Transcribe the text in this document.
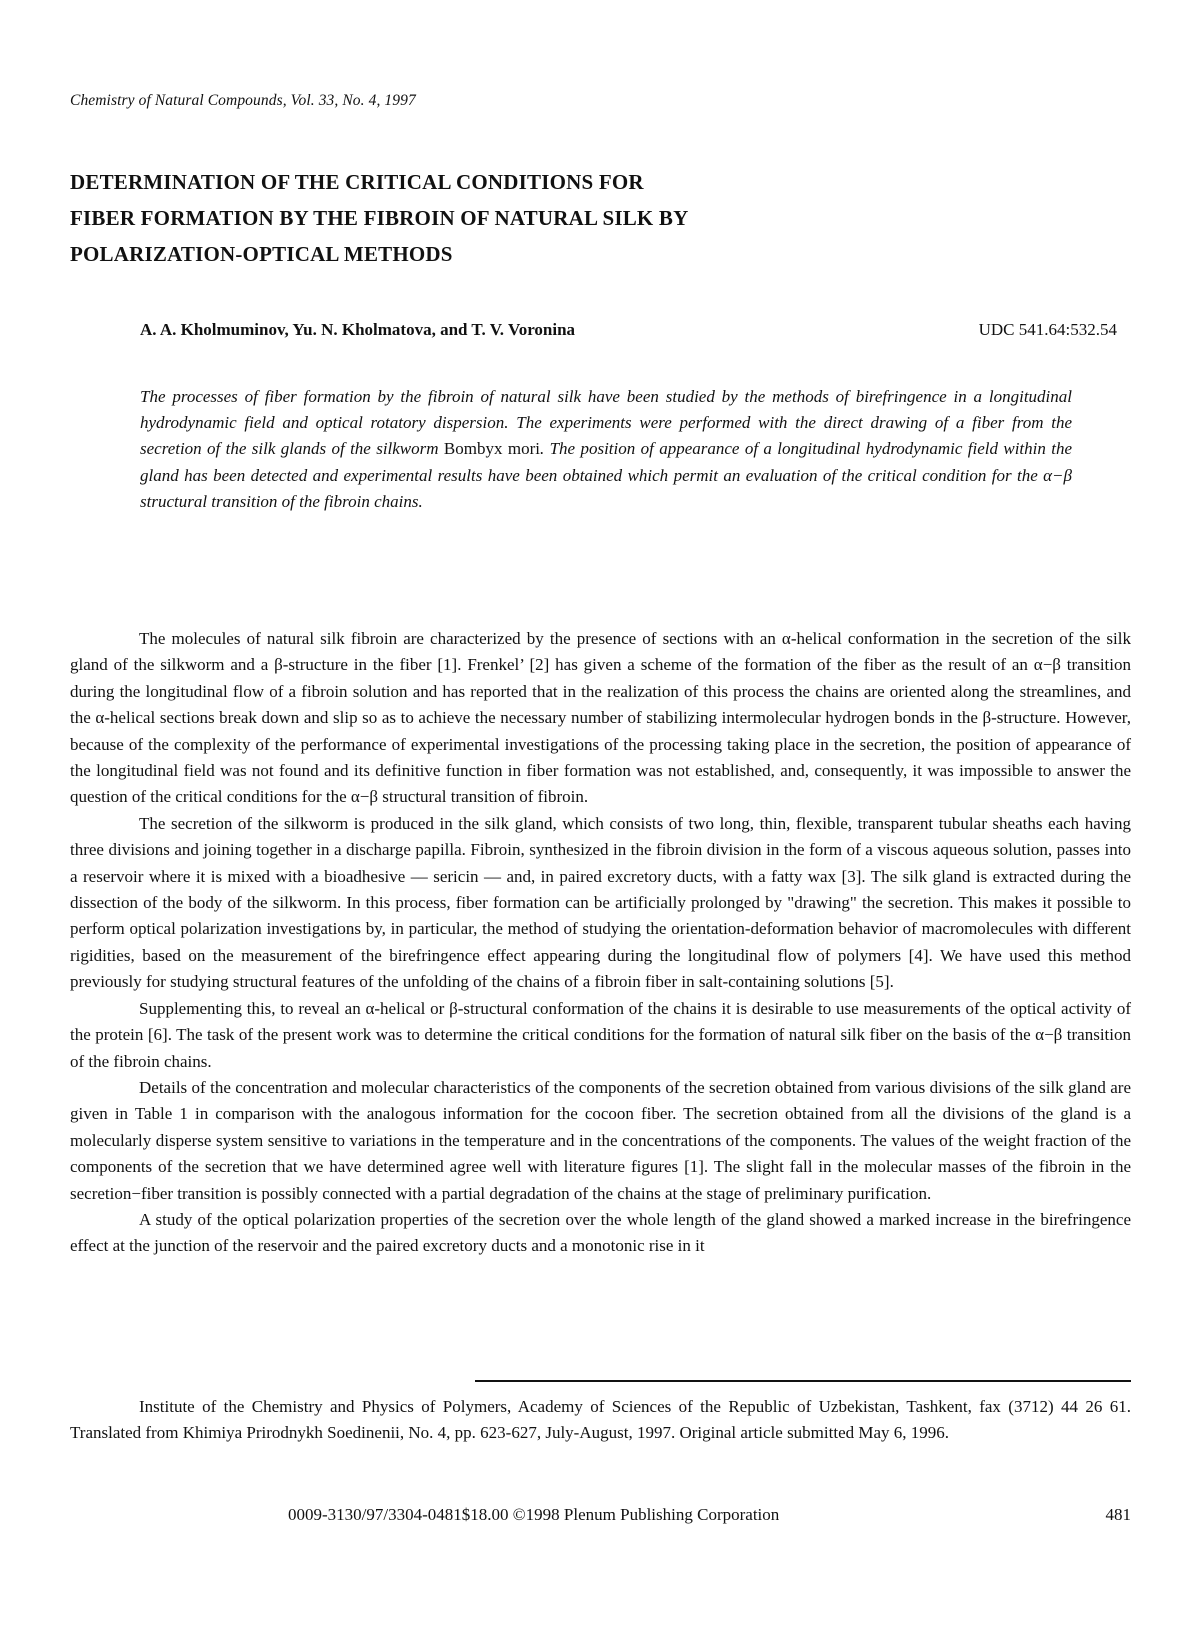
Chemistry of Natural Compounds, Vol. 33, No. 4, 1997
DETERMINATION OF THE CRITICAL CONDITIONS FOR
FIBER FORMATION BY THE FIBROIN OF NATURAL SILK BY
POLARIZATION-OPTICAL METHODS
A. A. Kholmuminov, Yu. N. Kholmatova, and T. V. Voronina	UDC 541.64:532.54

The processes of fiber formation by the fibroin of natural silk have been studied by the methods of birefringence in a longitudinal hydrodynamic field and optical rotatory dispersion. The experiments were performed with the direct drawing of a fiber from the secretion of the silk glands of the silkworm Bombyx mori. The position of appearance of a longitudinal hydrodynamic field within the gland has been detected and experimental results have been obtained which permit an evaluation of the critical condition for the α−β structural transition of the fibroin chains.

The molecules of natural silk fibroin are characterized by the presence of sections with an α-helical conformation in the secretion of the silk gland of the silkworm and a β-structure in the fiber [1]. Frenkel’ [2] has given a scheme of the formation of the fiber as the result of an α−β transition during the longitudinal flow of a fibroin solution and has reported that in the realization of this process the chains are oriented along the streamlines, and the α-helical sections break down and slip so as to achieve the necessary number of stabilizing intermolecular hydrogen bonds in the β-structure. However, because of the complexity of the performance of experimental investigations of the processing taking place in the secretion, the position of appearance of the longitudinal field was not found and its definitive function in fiber formation was not established, and, consequently, it was impossible to answer the question of the critical conditions for the α−β structural transition of fibroin.

The secretion of the silkworm is produced in the silk gland, which consists of two long, thin, flexible, transparent tubular sheaths each having three divisions and joining together in a discharge papilla. Fibroin, synthesized in the fibroin division in the form of a viscous aqueous solution, passes into a reservoir where it is mixed with a bioadhesive — sericin — and, in paired excretory ducts, with a fatty wax [3]. The silk gland is extracted during the dissection of the body of the silkworm. In this process, fiber formation can be artificially prolonged by "drawing" the secretion. This makes it possible to perform optical polarization investigations by, in particular, the method of studying the orientation-deformation behavior of macromolecules with different rigidities, based on the measurement of the birefringence effect appearing during the longitudinal flow of polymers [4]. We have used this method previously for studying structural features of the unfolding of the chains of a fibroin fiber in salt-containing solutions [5].

Supplementing this, to reveal an α-helical or β-structural conformation of the chains it is desirable to use measurements of the optical activity of the protein [6]. The task of the present work was to determine the critical conditions for the formation of natural silk fiber on the basis of the α−β transition of the fibroin chains.

Details of the concentration and molecular characteristics of the components of the secretion obtained from various divisions of the silk gland are given in Table 1 in comparison with the analogous information for the cocoon fiber. The secretion obtained from all the divisions of the gland is a molecularly disperse system sensitive to variations in the temperature and in the concentrations of the components. The values of the weight fraction of the components of the secretion that we have determined agree well with literature figures [1]. The slight fall in the molecular masses of the fibroin in the secretion−fiber transition is possibly connected with a partial degradation of the chains at the stage of preliminary purification.

A study of the optical polarization properties of the secretion over the whole length of the gland showed a marked increase in the birefringence effect at the junction of the reservoir and the paired excretory ducts and a monotonic rise in it

Institute of the Chemistry and Physics of Polymers, Academy of Sciences of the Republic of Uzbekistan, Tashkent, fax (3712) 44 26 61. Translated from Khimiya Prirodnykh Soedinenii, No. 4, pp. 623-627, July-August, 1997. Original article submitted May 6, 1996.

0009-3130/97/3304-0481$18.00 ©1998 Plenum Publishing Corporation	481
